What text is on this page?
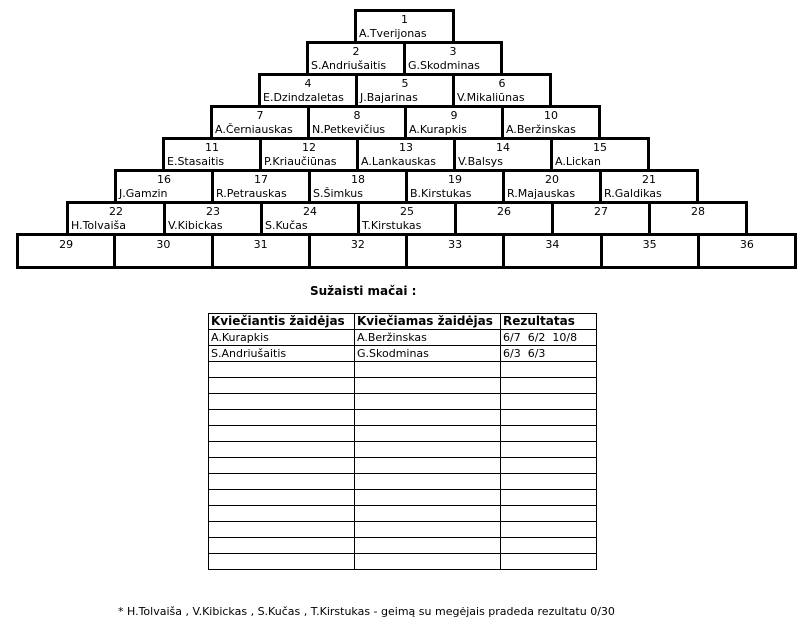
1
A.Tverijonas
2
S.Andriušaitis
3
G.Skodminas
4
E.Dzindzaletas
5
J.Bajarinas
6
V.Mikaliūnas
7
A.Černiauskas
8
N.Petkevičius
9
A.Kurapkis
10
A.Beržinskas
11
E.Stasaitis
12
P.Kriaučiūnas
13
A.Lankauskas
14
V.Balsys
15
A.Lickan
16
J.Gamzin
17
R.Petrauskas
18
S.Šimkus
19
B.Kirstukas
20
R.Majauskas
21
R.Galdikas
22
H.Tolvaiša
23
V.Kibickas
24
S.Kučas
25
T.Kirstukas
26	27	28
29	30	31	32	33	34	35	36
Sužaisti mačai :
Kviečiantis žaidėjas	Kviečiamas žaidėjas	Rezultatas
A.Kurapkis	A.Beržinskas	6/7  6/2  10/8
S.Andriušaitis	G.Skodminas	6/3  6/3

* H.Tolvaiša , V.Kibickas , S.Kučas , T.Kirstukas - geimą su megėjais pradeda rezultatu 0/30
